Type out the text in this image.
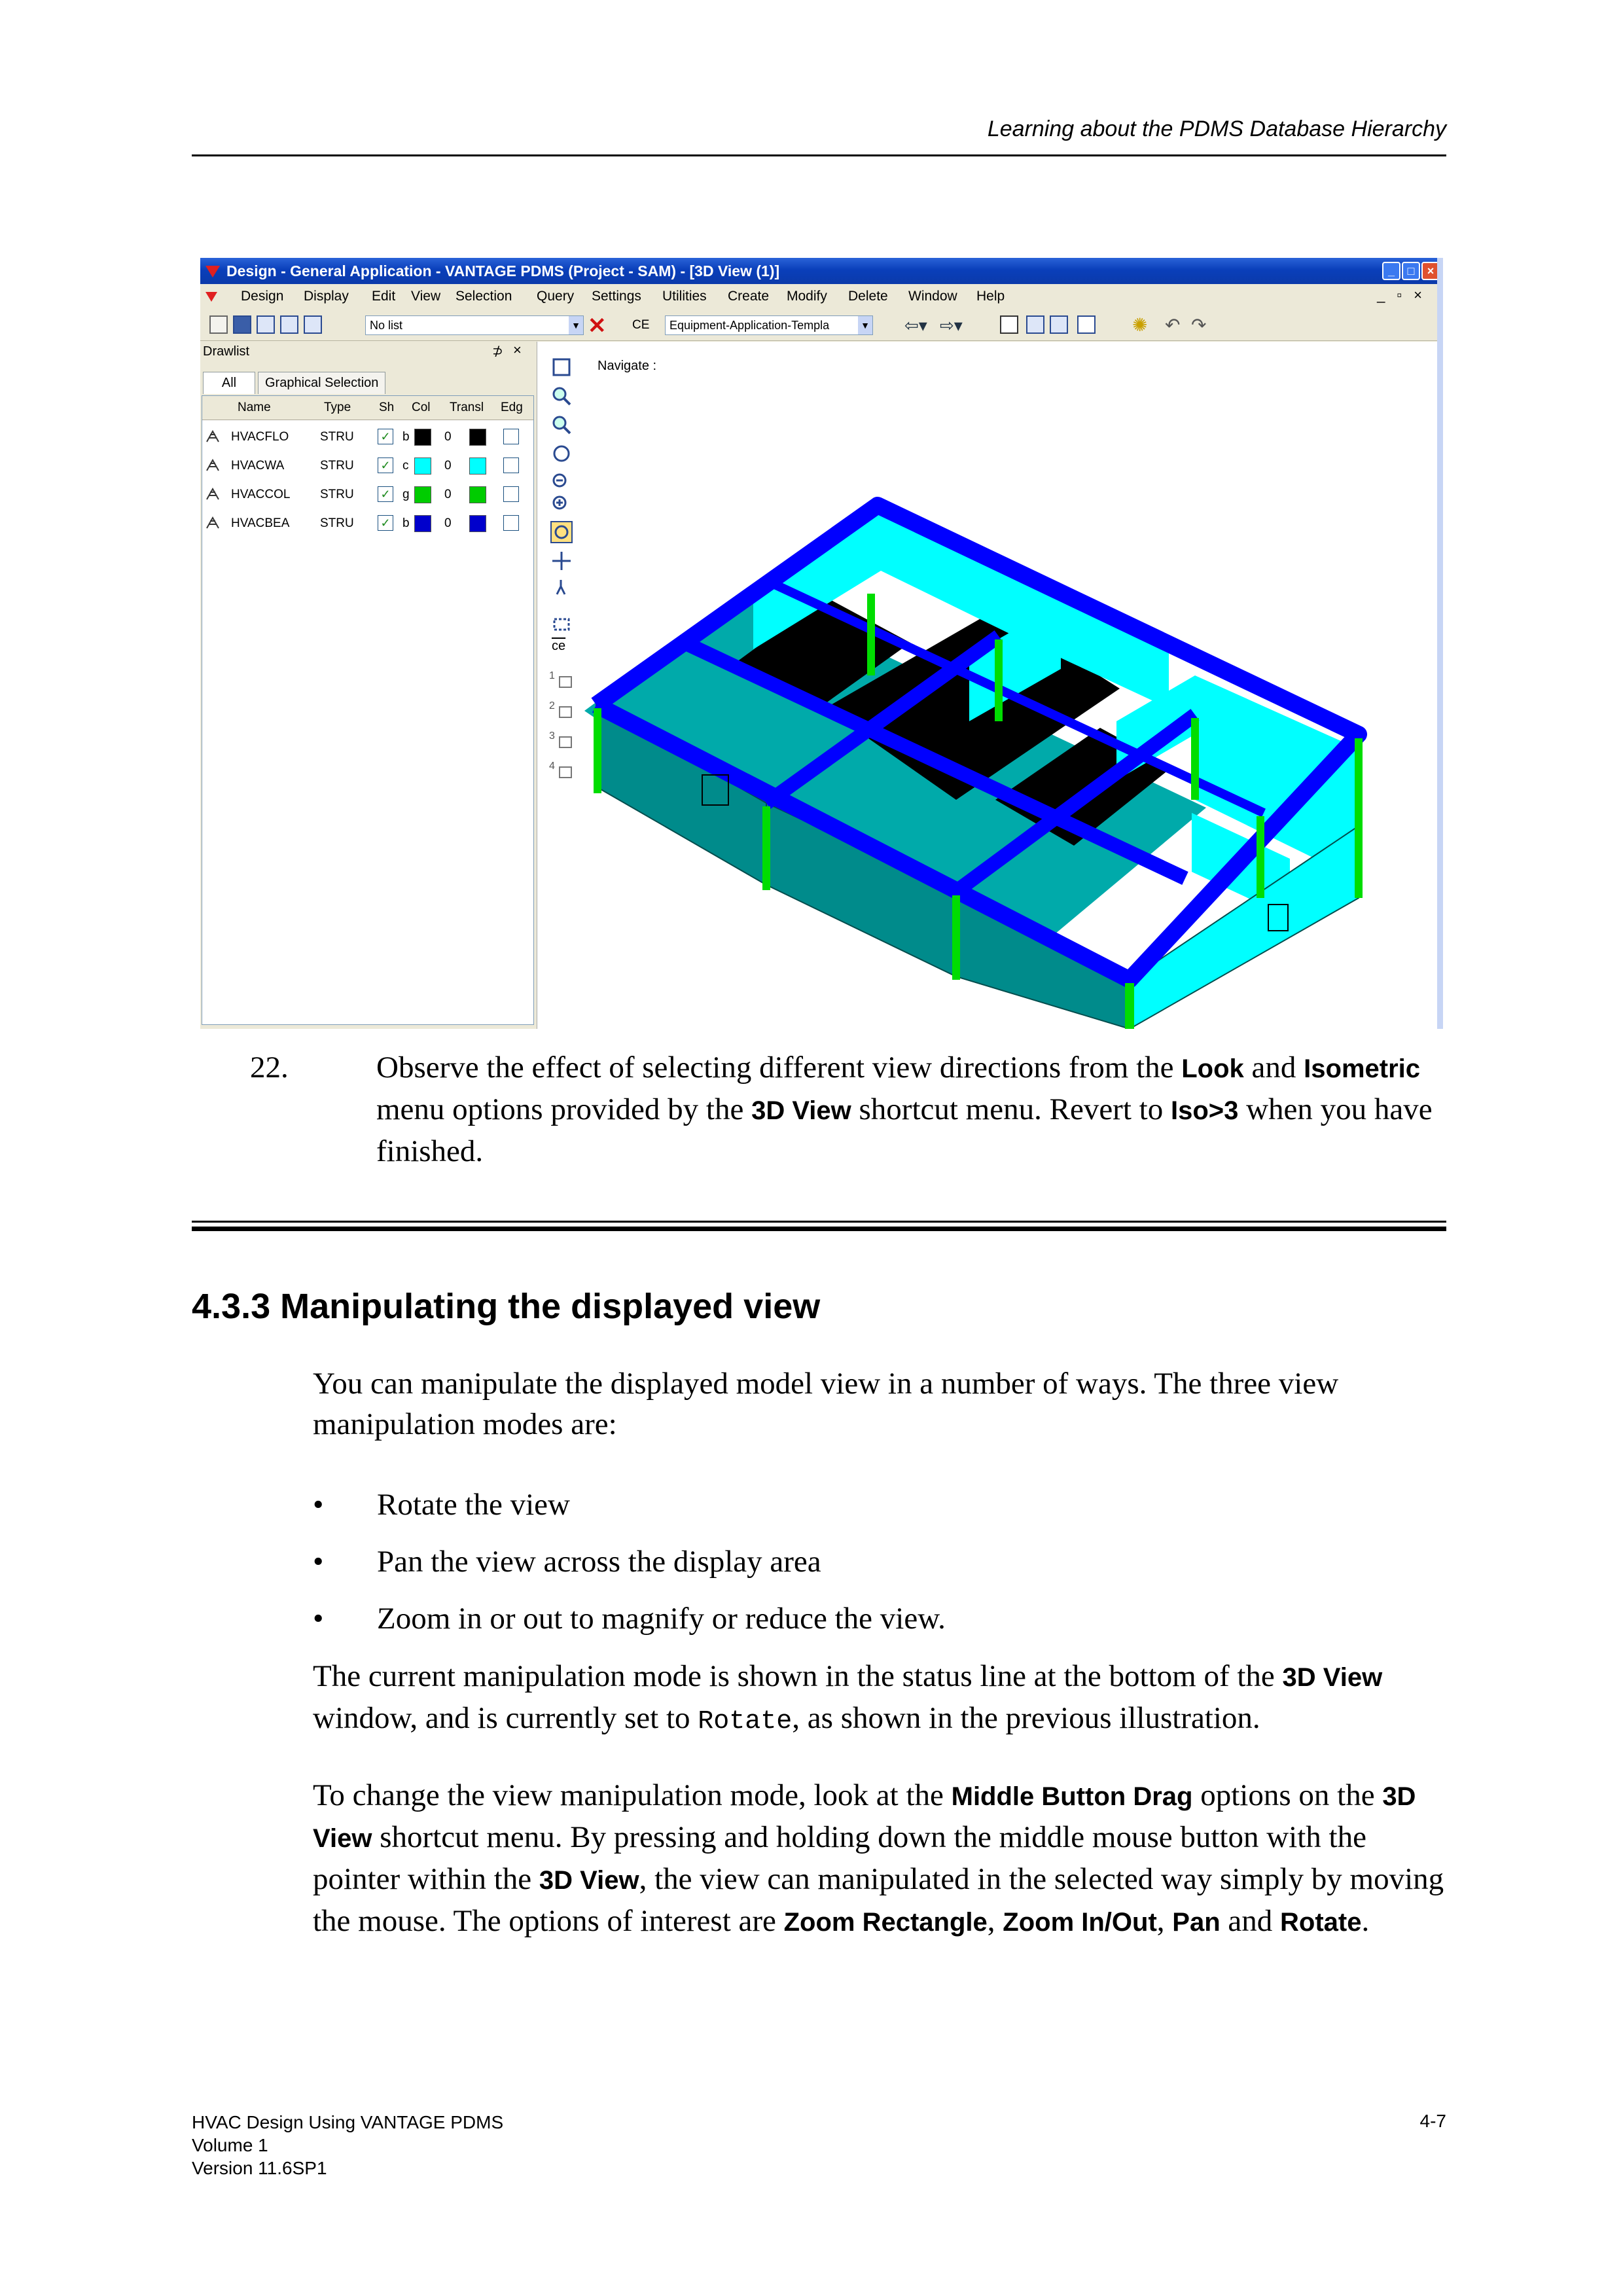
Learning about the PDMS Database Hierarchy
Design - General Application - VANTAGE PDMS (Project - SAM) - [3D View (1)]	_	□	×
Design Display Edit View Selection Query Settings Utilities Create Modify Delete Window Help	_▫×
No list	▼ ✕ CE	Equipment-Application-Templa	▼ ⇦▾ ⇨▾	✺ ↶ ↷
Drawlist	⊅ ×
All	Graphical Selection
Name	Type Sh Col Transl Edg
HVACFLO	STRU ✓ b	0
HVACWA	STRU ✓ c	0
HVACCOL STRU ✓ g	0
HVACBEA STRU ✓ b	0
Navigate :
$\overline{ce}$
1
2
3
4
22.	Observe the effect of selecting different view directions from the Look and Isometric menu options provided by the 3D View shortcut menu. Revert to Iso>3 when you have finished.
4.3.3 Manipulating the displayed view
You can manipulate the displayed model view in a number of ways. The three view manipulation modes are:
•	Rotate the view
•	Pan the view across the display area
•	Zoom in or out to magnify or reduce the view.
The current manipulation mode is shown in the status line at the bottom of the 3D View window, and is currently set to Rotate, as shown in the previous illustration.
To change the view manipulation mode, look at the Middle Button Drag options on the 3D View shortcut menu. By pressing and holding down the middle mouse button with the pointer within the 3D View, the view can manipulated in the selected way simply by moving the mouse. The options of interest are Zoom Rectangle, Zoom In/Out, Pan and Rotate.
HVAC Design Using VANTAGE PDMS
Volume 1
Version 11.6SP1
4-7
